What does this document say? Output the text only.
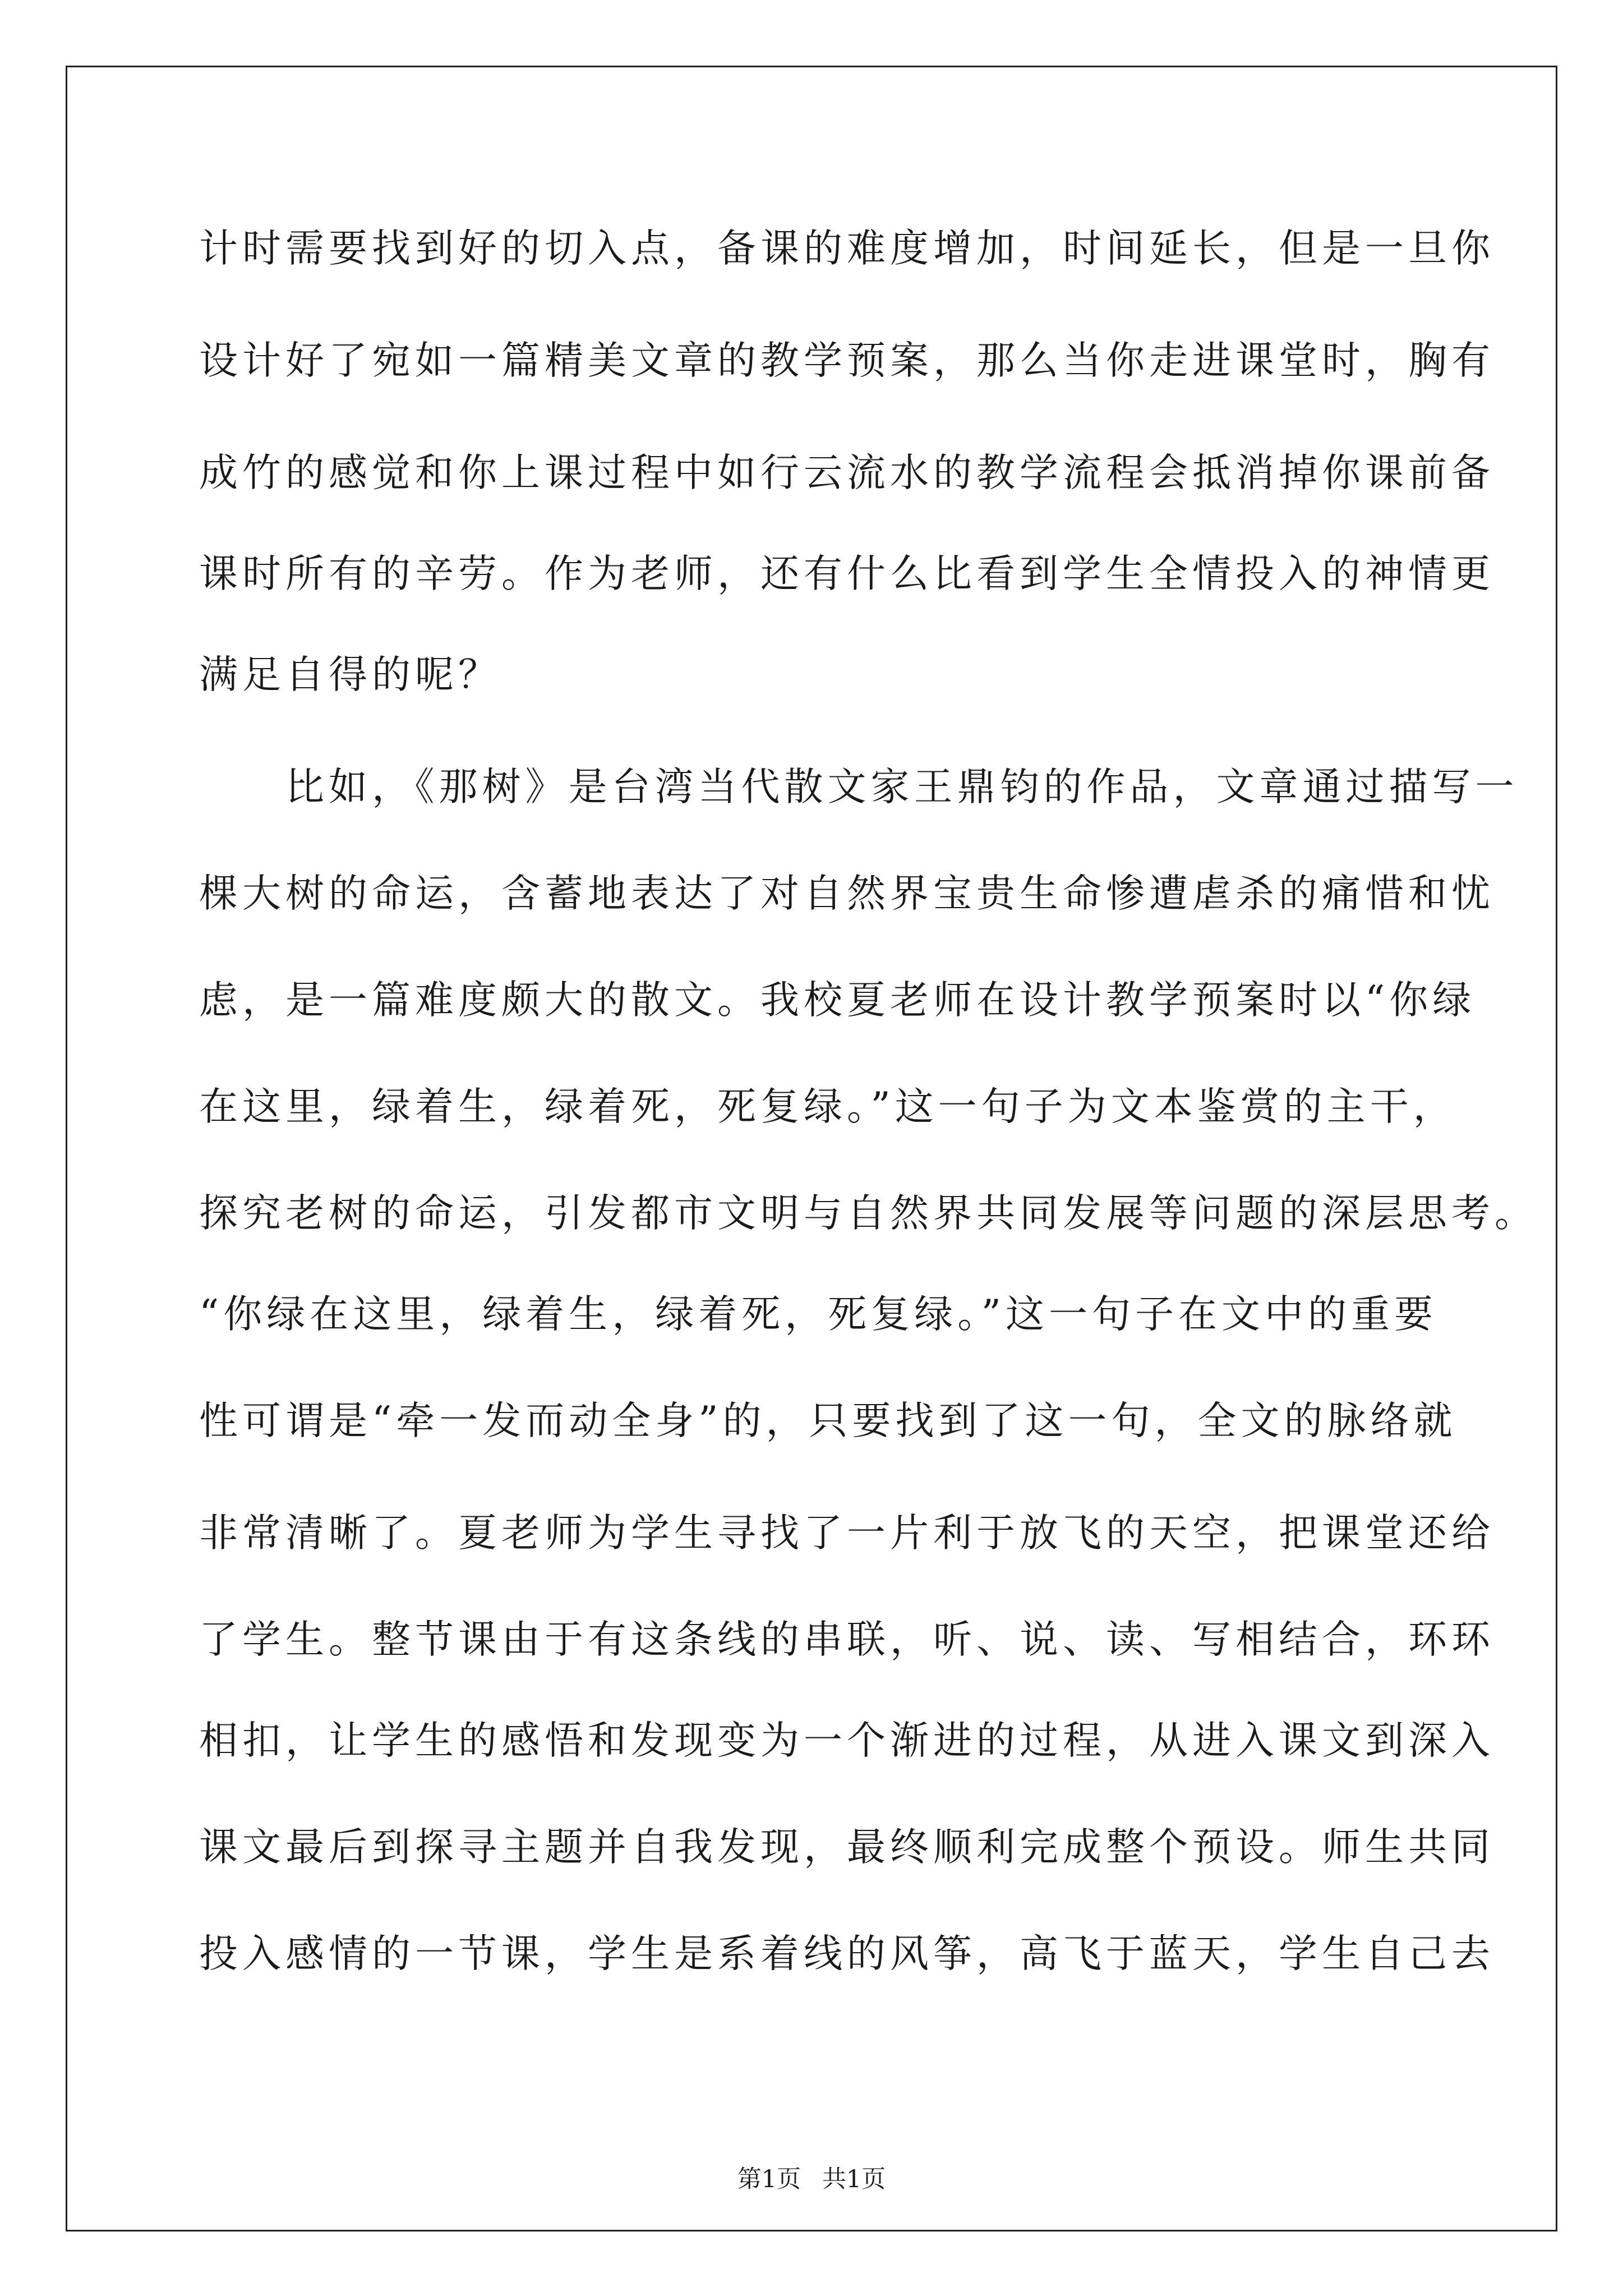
计时需要找到好的切入点，备课的难度增加，时间延长，但是一旦你
设计好了宛如一篇精美文章的教学预案，那么当你走进课堂时，胸有
成竹的感觉和你上课过程中如行云流水的教学流程会抵消掉你课前备
课时所有的辛劳。作为老师，还有什么比看到学生全情投入的神情更
满足自得的呢？
　　比如，《那树》是台湾当代散文家王鼎钧的作品，文章通过描写一
棵大树的命运，含蓄地表达了对自然界宝贵生命惨遭虐杀的痛惜和忧
虑，是一篇难度颇大的散文。我校夏老师在设计教学预案时以“你绿
在这里，绿着生，绿着死，死复绿。”这一句子为文本鉴赏的主干，
探究老树的命运，引发都市文明与自然界共同发展等问题的深层思考。
“你绿在这里，绿着生，绿着死，死复绿。”这一句子在文中的重要
性可谓是“牵一发而动全身”的，只要找到了这一句，全文的脉络就
非常清晰了。夏老师为学生寻找了一片利于放飞的天空，把课堂还给
了学生。整节课由于有这条线的串联，听、说、读、写相结合，环环
相扣，让学生的感悟和发现变为一个渐进的过程，从进入课文到深入
课文最后到探寻主题并自我发现，最终顺利完成整个预设。师生共同
投入感情的一节课，学生是系着线的风筝，高飞于蓝天，学生自己去
第1页 共1页
